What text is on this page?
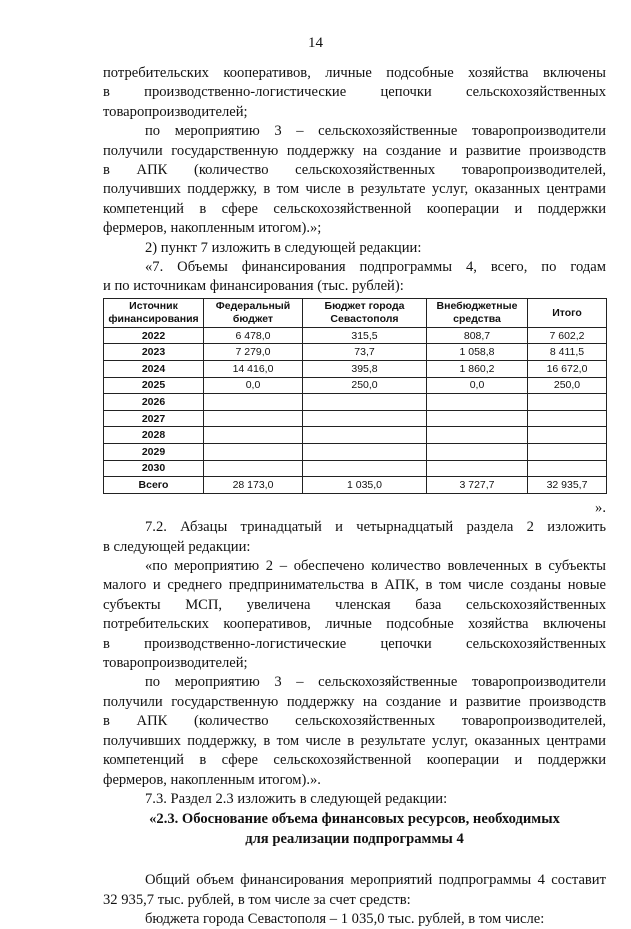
14

потребительских кооперативов, личные подсобные хозяйства включены
в производственно-логистические цепочки сельскохозяйственных
товаропроизводителей;

по мероприятию 3 – сельскохозяйственные товаропроизводители
получили государственную поддержку на создание и развитие производств
в АПК (количество сельскохозяйственных товаропроизводителей,
получивших поддержку, в том числе в результате услуг, оказанных центрами
компетенций в сфере сельскохозяйственной кооперации и поддержки
фермеров, накопленным итогом).»;

2) пункт 7 изложить в следующей редакции:

«7. Объемы финансирования подпрограммы 4, всего, по годам
и по источникам финансирования (тыс. рублей):

Источник финансирования	Федеральный бюджет	Бюджет города Севастополя	Внебюджетные средства	Итого
2022	6 478,0	315,5	808,7	7 602,2
2023	7 279,0	73,7	1 058,8	8 411,5
2024	14 416,0	395,8	1 860,2	16 672,0
2025	0,0	250,0	0,0	250,0
2026				
2027				
2028				
2029				
2030				
Всего	28 173,0	1 035,0	3 727,7	32 935,7

».

7.2. Абзацы тринадцатый и четырнадцатый раздела 2 изложить
в следующей редакции:

«по мероприятию 2 – обеспечено количество вовлеченных в субъекты
малого и среднего предпринимательства в АПК, в том числе созданы новые
субъекты МСП, увеличена членская база сельскохозяйственных
потребительских кооперативов, личные подсобные хозяйства включены
в производственно-логистические цепочки сельскохозяйственных
товаропроизводителей;

по мероприятию 3 – сельскохозяйственные товаропроизводители
получили государственную поддержку на создание и развитие производств
в АПК (количество сельскохозяйственных товаропроизводителей,
получивших поддержку, в том числе в результате услуг, оказанных центрами
компетенций в сфере сельскохозяйственной кооперации и поддержки
фермеров, накопленным итогом).».

7.3. Раздел 2.3 изложить в следующей редакции:

«2.3. Обоснование объема финансовых ресурсов, необходимых
для реализации подпрограммы 4

Общий объем финансирования мероприятий подпрограммы 4 составит
32 935,7 тыс. рублей, в том числе за счет средств:

бюджета города Севастополя – 1 035,0 тыс. рублей, в том числе:
